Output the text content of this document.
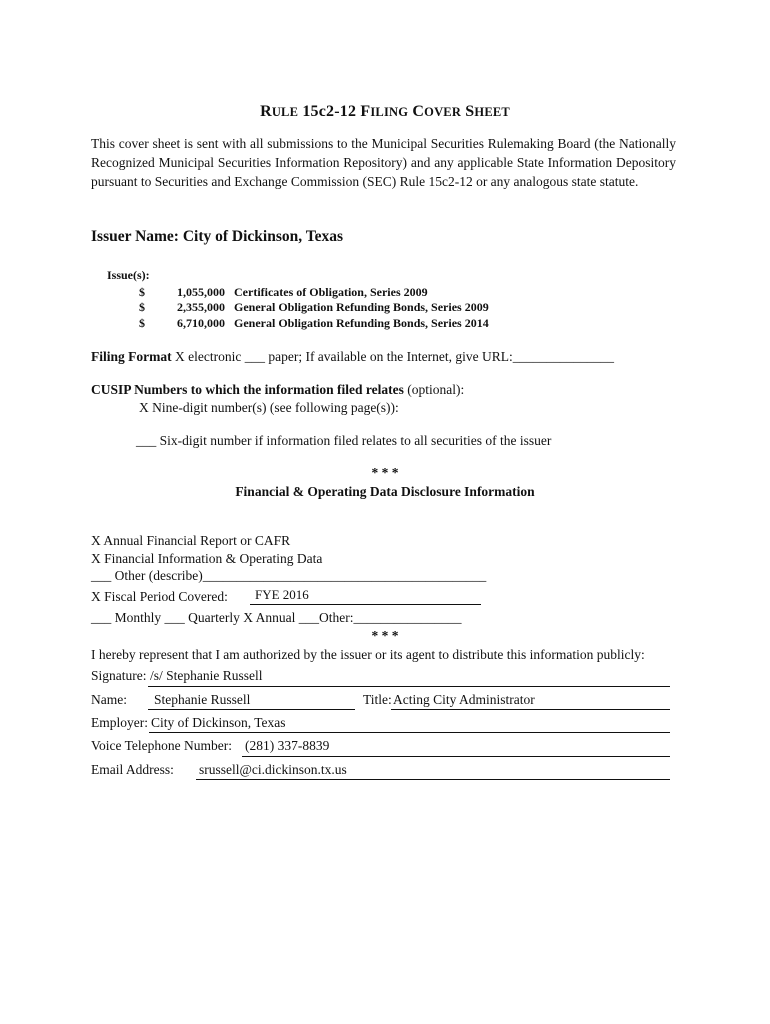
RULE 15c2-12 FILING COVER SHEET
This cover sheet is sent with all submissions to the Municipal Securities Rulemaking Board (the Nationally Recognized Municipal Securities Information Repository) and any applicable State Information Depository pursuant to Securities and Exchange Commission (SEC) Rule 15c2-12 or any analogous state statute.
Issuer Name: City of Dickinson, Texas
Issue(s):
$	1,055,000 Certificates of Obligation, Series 2009
$	2,355,000 General Obligation Refunding Bonds, Series 2009
$	6,710,000 General Obligation Refunding Bonds, Series 2014
Filing Format X electronic ___ paper; If available on the Internet, give URL:_______________
CUSIP Numbers to which the information filed relates (optional):
X Nine-digit number(s) (see following page(s)):
___ Six-digit number if information filed relates to all securities of the issuer
* * *
Financial & Operating Data Disclosure Information
X Annual Financial Report or CAFR
X Financial Information & Operating Data
___ Other (describe)__________________________________________
X Fiscal Period Covered: FYE 2016
___ Monthly ___ Quarterly X Annual ___Other:________________
* * *
I hereby represent that I am authorized by the issuer or its agent to distribute this information publicly:
Signature: /s/ Stephanie Russell
Name: Stephanie Russell	Title: Acting City Administrator
Employer: City of Dickinson, Texas
Voice Telephone Number: (281) 337-8839
Email Address: srussell@ci.dickinson.tx.us
